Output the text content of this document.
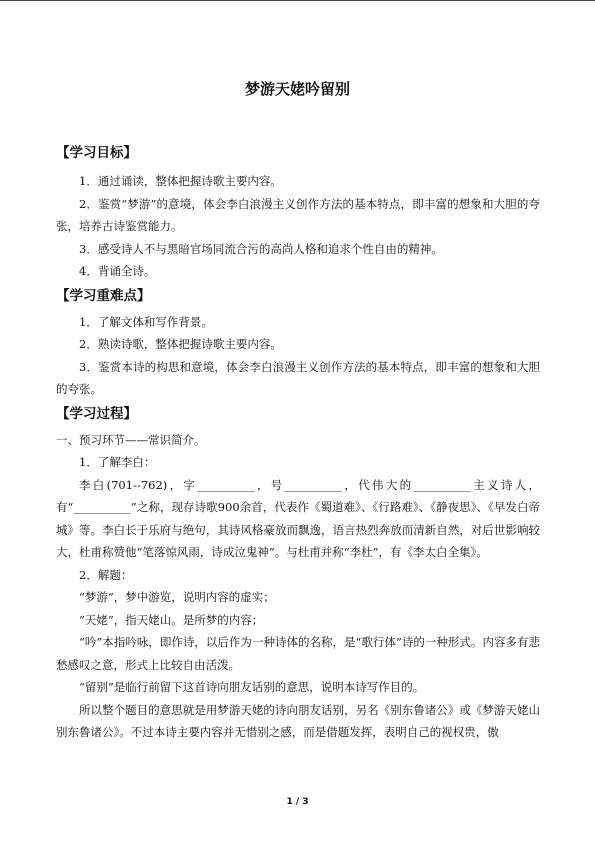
梦游天姥吟留别

【学习目标】

1．通过诵读，整体把握诗歌主要内容。

2．鉴赏“梦游”的意境，体会李白浪漫主义创作方法的基本特点，即丰富的想象和大胆的夸张，培养古诗鉴赏能力。

3．感受诗人不与黑暗官场同流合污的高尚人格和追求个性自由的精神。

4．背诵全诗。

【学习重难点】

1．了解文体和写作背景。

2．熟读诗歌，整体把握诗歌主要内容。

3．鉴赏本诗的构思和意境，体会李白浪漫主义创作方法的基本特点，即丰富的想象和大胆的夸张。

【学习过程】

一、预习环节——常识简介。

1．了解李白：

李白(701--762)，字__________，号__________，代伟大的__________主义诗人，有“__________”之称，现存诗歌900余首，代表作《蜀道难》、《行路难》、《静夜思》、《早发白帝城》等。李白长于乐府与绝句，其诗风格豪放而飘逸，语言热烈奔放而清新自然，对后世影响较大，杜甫称赞他“笔落惊风雨，诗成泣鬼神”。与杜甫并称“李杜”，有《李太白全集》。

2．解题：

“梦游”，梦中游览，说明内容的虚实；

“天姥”，指天姥山。是所梦的内容；

“吟”本指吟咏，即作诗，以后作为一种诗体的名称，是“歌行体”诗的一种形式。内容多有悲愁感叹之意，形式上比较自由活泼。

“留别”是临行前留下这首诗向朋友话别的意思，说明本诗写作目的。

所以整个题目的意思就是用梦游天姥的诗向朋友话别，另名《别东鲁诸公》或《梦游天姥山别东鲁诸公》。不过本诗主要内容并无惜别之感，而是借题发挥，表明自己的视权贵，傲

1 / 3
